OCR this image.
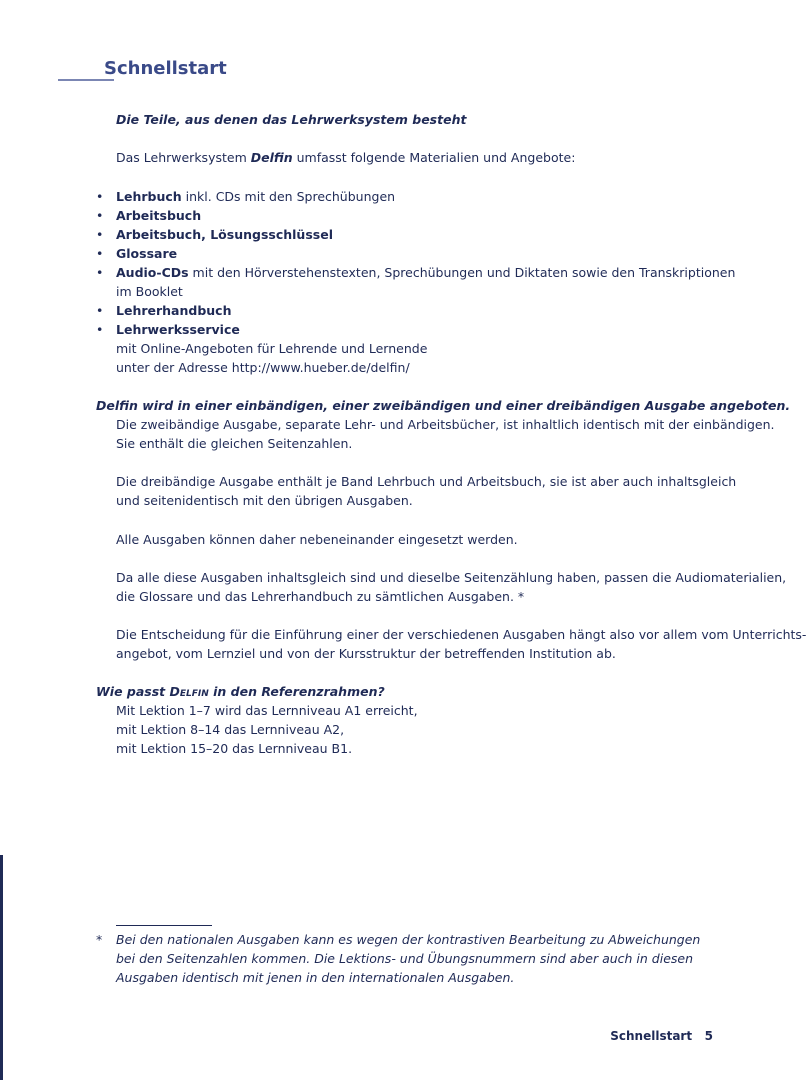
Schnellstart
Die Teile, aus denen das Lehrwerksystem besteht
Das Lehrwerksystem Delfin umfasst folgende Materialien und Angebote:
• Lehrbuch inkl. CDs mit den Sprechübungen
• Arbeitsbuch
• Arbeitsbuch, Lösungsschlüssel
• Glossare
• Audio-CDs mit den Hörverstehenstexten, Sprechübungen und Diktaten sowie den Transkriptionen
im Booklet
• Lehrerhandbuch
• Lehrwerksservice
mit Online-Angeboten für Lehrende und Lernende
unter der Adresse http://www.hueber.de/delfin/
Delfin wird in einer einbändigen, einer zweibändigen und einer dreibändigen Ausgabe angeboten.
Die zweibändige Ausgabe, separate Lehr- und Arbeitsbücher, ist inhaltlich identisch mit der einbändigen.
Sie enthält die gleichen Seitenzahlen.
Die dreibändige Ausgabe enthält je Band Lehrbuch und Arbeitsbuch, sie ist aber auch inhaltsgleich
und seitenidentisch mit den übrigen Ausgaben.
Alle Ausgaben können daher nebeneinander eingesetzt werden.
Da alle diese Ausgaben inhaltsgleich sind und dieselbe Seitenzählung haben, passen die Audiomaterialien,
die Glossare und das Lehrerhandbuch zu sämtlichen Ausgaben. *
Die Entscheidung für die Einführung einer der verschiedenen Ausgaben hängt also vor allem vom Unterrichts-
angebot, vom Lernziel und von der Kursstruktur der betreffenden Institution ab.
Wie passt Delfin in den Referenzrahmen?
Mit Lektion 1–7 wird das Lernniveau A1 erreicht,
mit Lektion 8–14 das Lernniveau A2,
mit Lektion 15–20 das Lernniveau B1.
* Bei den nationalen Ausgaben kann es wegen der kontrastiven Bearbeitung zu Abweichungen
bei den Seitenzahlen kommen. Die Lektions- und Übungsnummern sind aber auch in diesen
Ausgaben identisch mit jenen in den internationalen Ausgaben.
Schnellstart 5
